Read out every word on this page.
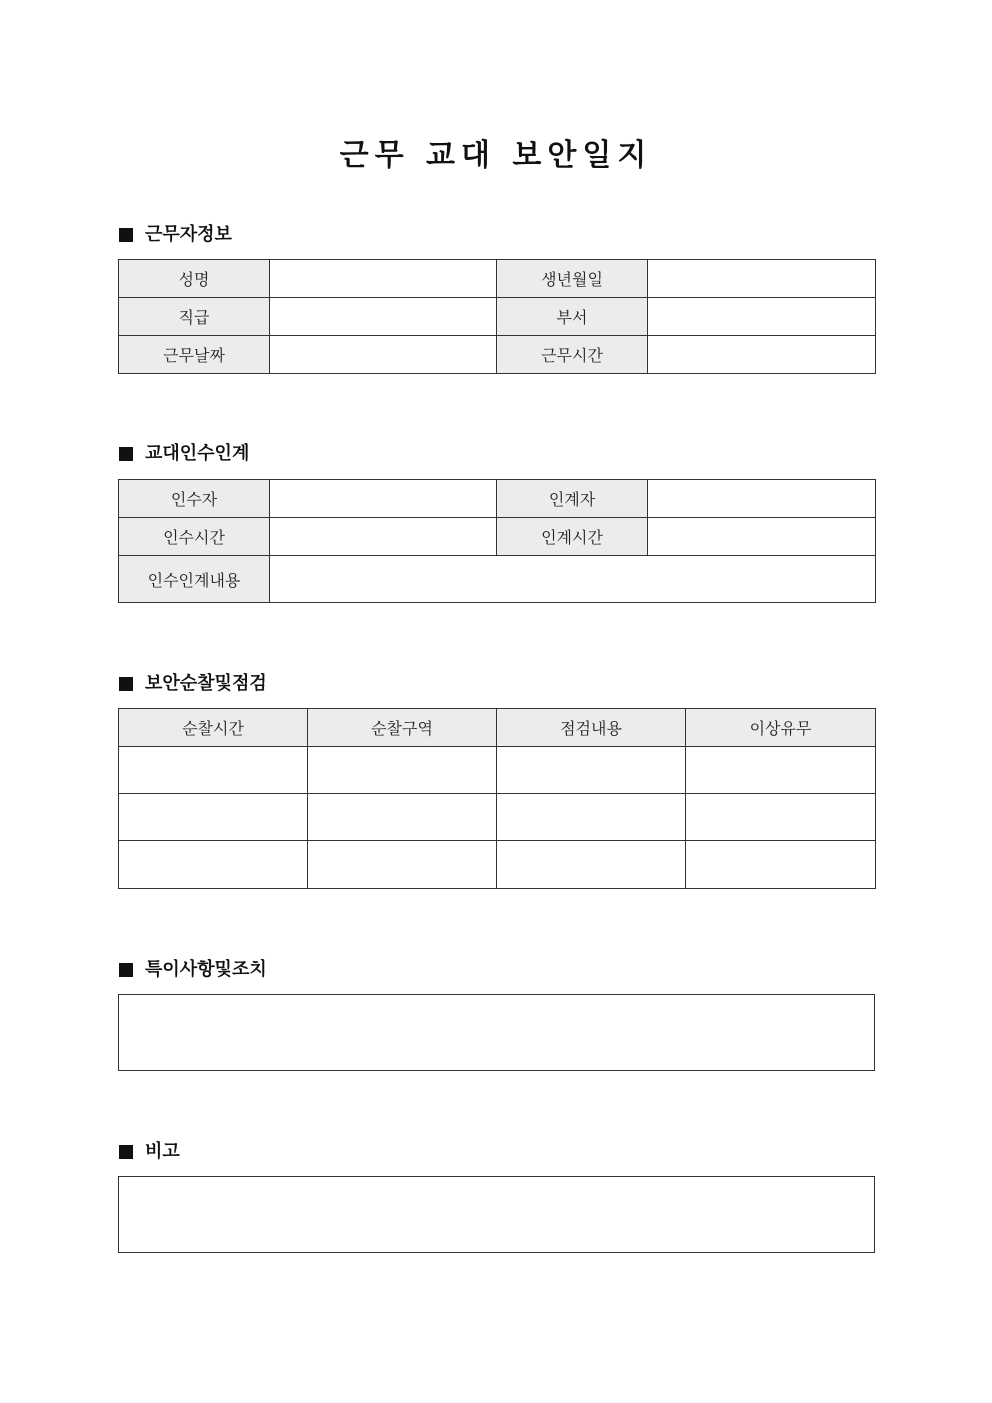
근무 교대 보안일지
근무자정보
성명		생년월일	
직급		부서	
근무날짜		근무시간	
교대인수인계
인수자		인계자	
인수시간		인계시간	
인수인계내용			
보안순찰및점검
순찰시간	순찰구역	점검내용	이상유무

특이사항및조치
비고
